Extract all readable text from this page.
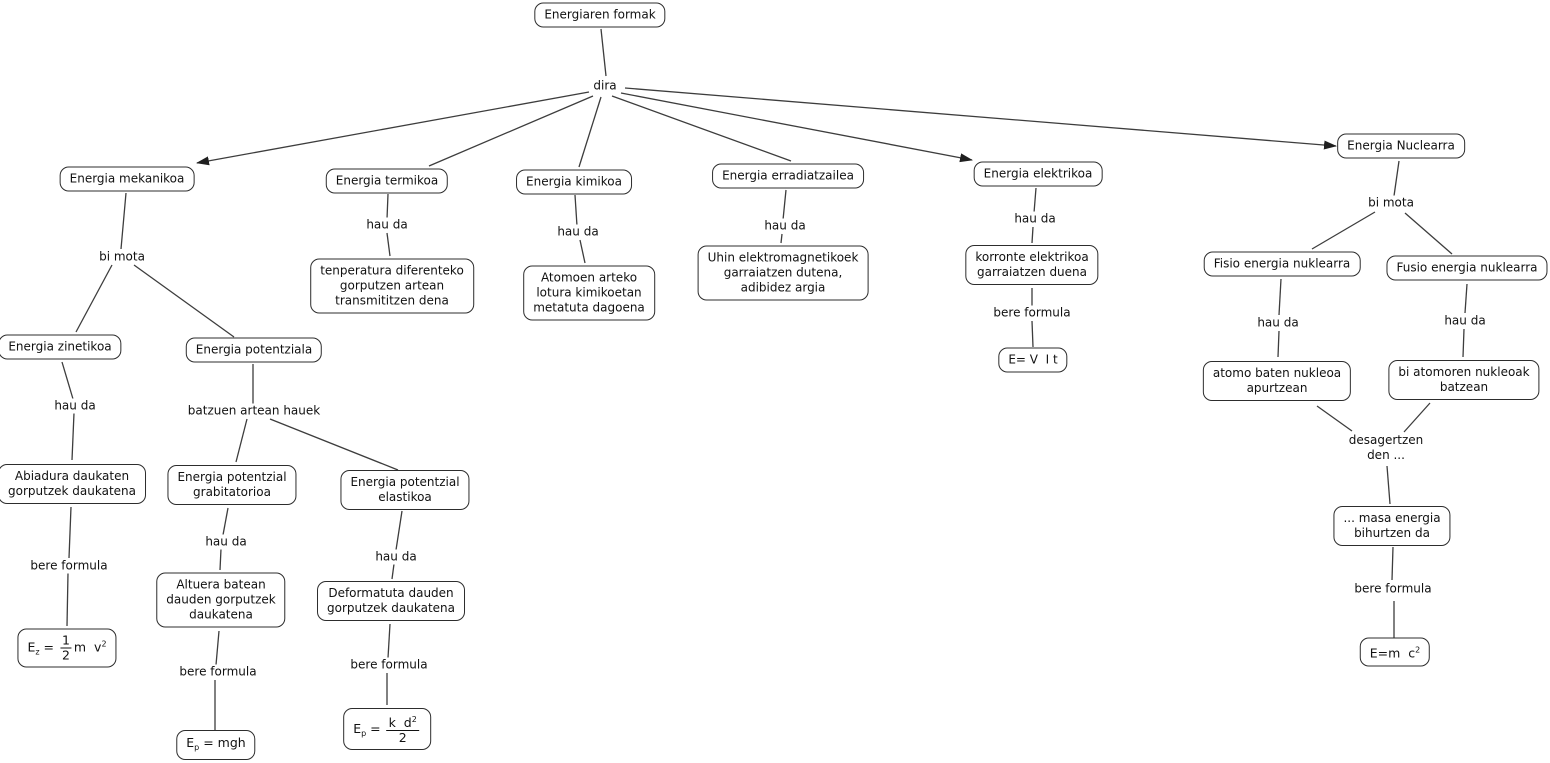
Energiaren formak
dira
Energia mekanikoa	Energia termikoa	Energia kimikoa	Energia erradiatzailea	Energia elektrikoa
Energia Nuclearra
bi mota
Energia zinetikoa	Energia potentziala
hau da
Abiadura daukaten
gorputzek daukatena
bere formula
$E_z = \frac{1}{2}$ m  $v^2$
batzuen artean hauek
Energia potentzial
grabitatorioa
Energia potentzial
elastikoa
hau da
Altuera batean
dauden gorputzek
daukatena
bere formula
$E_p$ = mgh
hau da
Deformatuta dauden
gorputzek daukatena
bere formula
$E_p = \frac{k d^2}{2}$
hau da
tenperatura diferenteko
gorputzen artean
transmititzen dena
hau da
Atomoen arteko
lotura kimikoetan
metatuta dagoena
hau da
Uhin elektromagnetikoek
garraiatzen dutena,
adibidez argia
hau da
korronte elektrikoa
garraiatzen duena
bere formula
E= V  I t
bi mota
Fisio energia nuklearra	Fusio energia nuklearra
hau da
atomo baten nukleoa
apurtzean
hau da
bi atomoren nukleoak
batzean
desagertzen
den ...
... masa energia
bihurtzen da
bere formula
E=m  $c^2$
